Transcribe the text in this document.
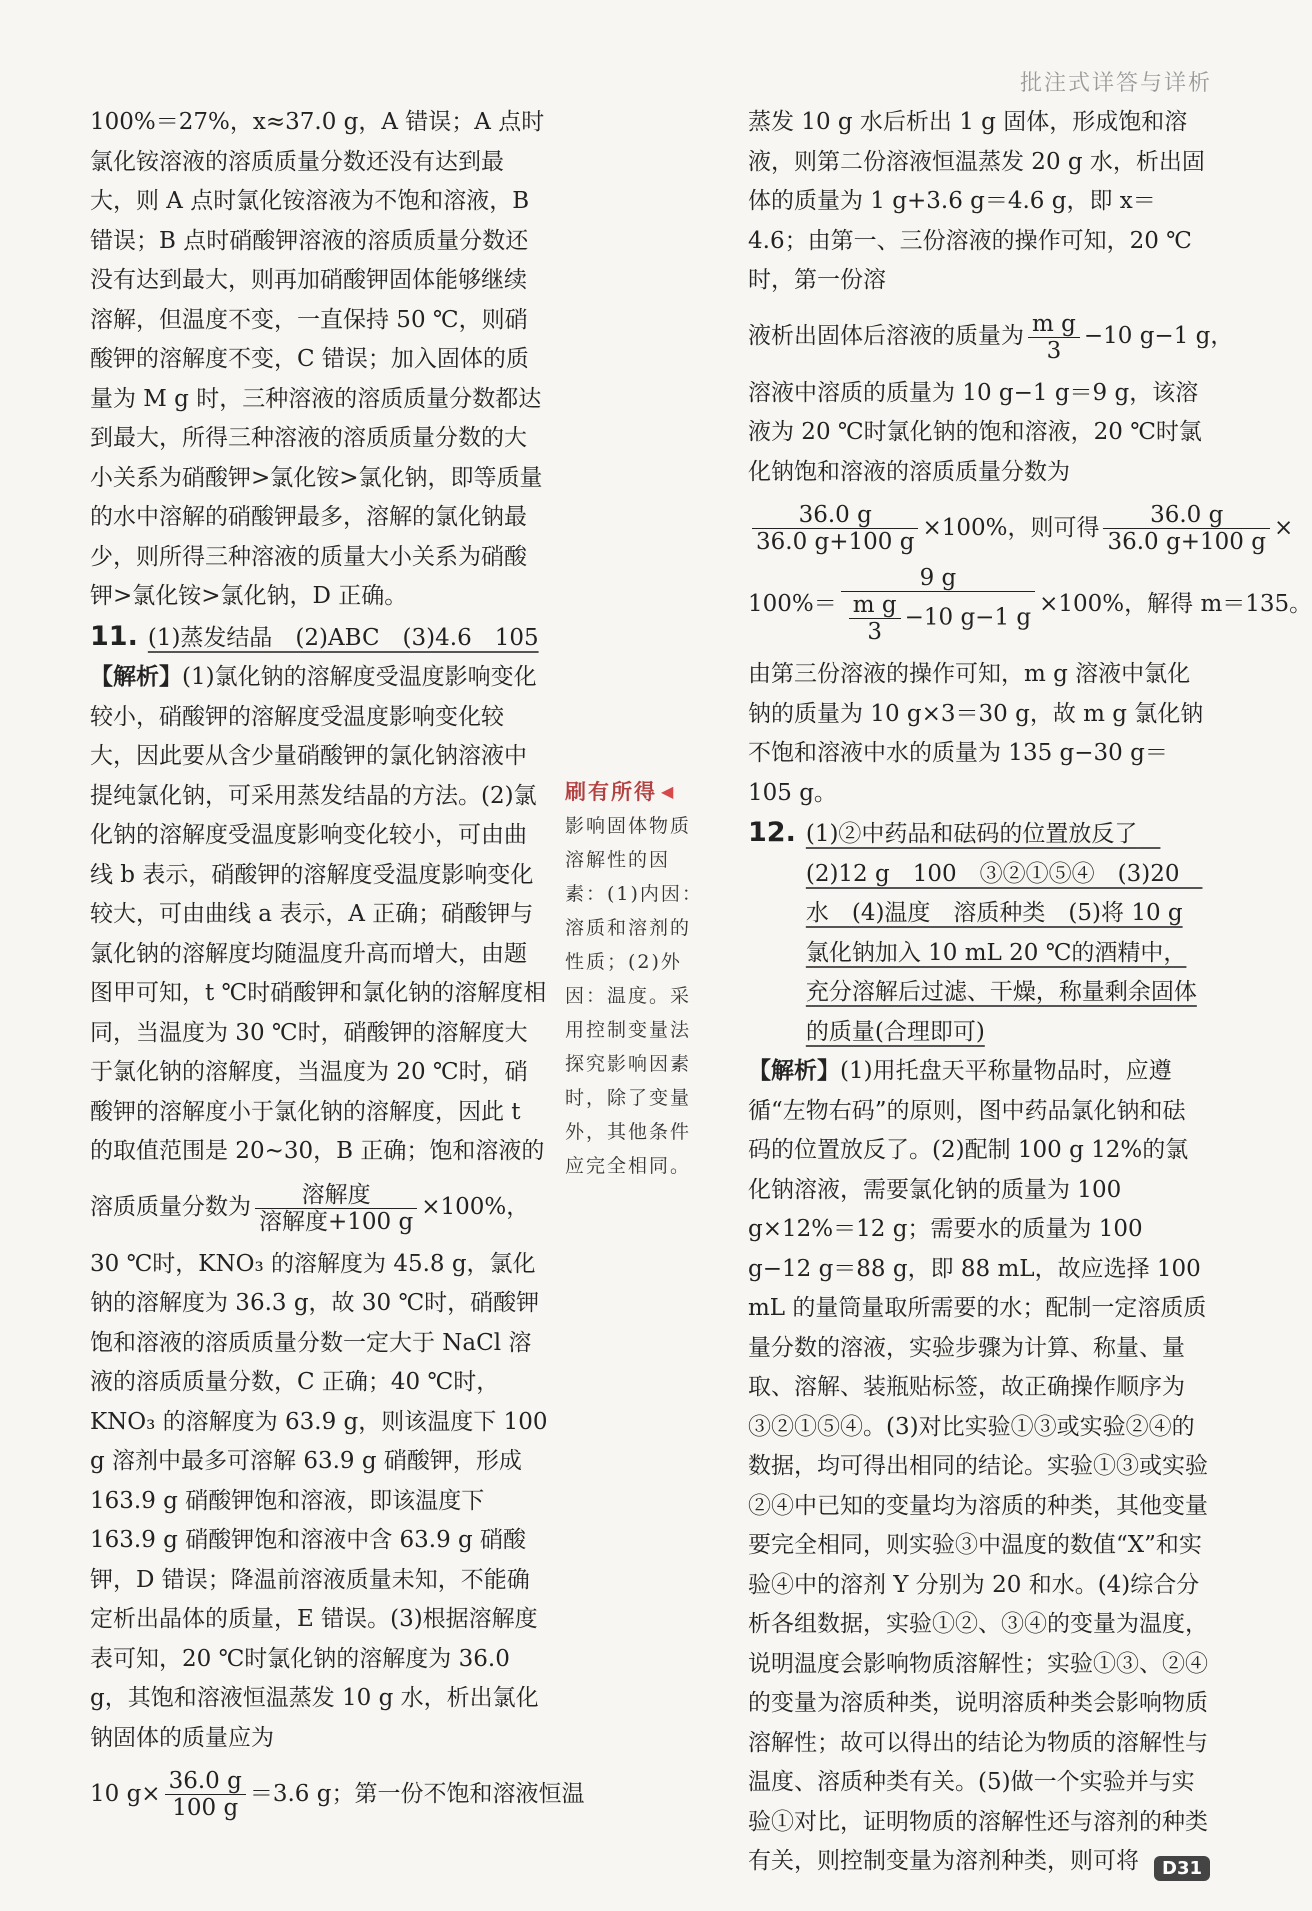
批注式详答与详析

100%＝27%，x≈37.0 g，A 错误；A 点时氯化铵溶液的溶质质量分数还没有达到最大，则 A 点时氯化铵溶液为不饱和溶液，B 错误；B 点时硝酸钾溶液的溶质质量分数还没有达到最大，则再加硝酸钾固体能够继续溶解，但温度不变，一直保持 50 ℃，则硝酸钾的溶解度不变，C 错误；加入固体的质量为 M g 时，三种溶液的溶质质量分数都达到最大，所得三种溶液的溶质质量分数的大小关系为硝酸钾>氯化铵>氯化钠，即等质量的水中溶解的硝酸钾最多，溶解的氯化钠最少，则所得三种溶液的质量大小关系为硝酸钾>氯化铵>氯化钠，D 正确。

11. (1)蒸发结晶　(2)ABC　(3)4.6　105

【解析】(1)氯化钠的溶解度受温度影响变化较小，硝酸钾的溶解度受温度影响变化较大，因此要从含少量硝酸钾的氯化钠溶液中提纯氯化钠，可采用蒸发结晶的方法。(2)氯化钠的溶解度受温度影响变化较小，可由曲线 b 表示，硝酸钾的溶解度受温度影响变化较大，可由曲线 a 表示，A 正确；硝酸钾与氯化钠的溶解度均随温度升高而增大，由题图甲可知，t ℃时硝酸钾和氯化钠的溶解度相同，当温度为 30 ℃时，硝酸钾的溶解度大于氯化钠的溶解度，当温度为 20 ℃时，硝酸钾的溶解度小于氯化钠的溶解度，因此 t 的取值范围是 20~30，B 正确；饱和溶液的

溶质质量分数为 $\frac{\text{溶解度}}{\text{溶解度+100 g}} \times 100\%$，

30 ℃时，KNO₃ 的溶解度为 45.8 g，氯化钠的溶解度为 36.3 g，故 30 ℃时，硝酸钾饱和溶液的溶质质量分数一定大于 NaCl 溶液的溶质质量分数，C 正确；40 ℃时，KNO₃ 的溶解度为 63.9 g，则该温度下 100 g 溶剂中最多可溶解 63.9 g 硝酸钾，形成163.9 g 硝酸钾饱和溶液，即该温度下163.9 g 硝酸钾饱和溶液中含 63.9 g 硝酸钾，D 错误；降温前溶液质量未知，不能确定析出晶体的质量，E 错误。(3)根据溶解度表可知，20 ℃时氯化钠的溶解度为 36.0 g，其饱和溶液恒温蒸发 10 g 水，析出氯化钠固体的质量应为

10 $g\times \frac{36.0 g}{100 g} =3.6$ g；第一份不饱和溶液恒温
刷有所得 ◀
影响固体物质溶解性的因素：(1)内因：溶质和溶剂的性质；(2)外因：温度。采用控制变量法探究影响因素时，除了变量外，其他条件应完全相同。

蒸发 10 g 水后析出 1 g 固体，形成饱和溶液，则第二份溶液恒温蒸发 20 g 水，析出固体的质量为 1 g+3.6 g＝4.6 g，即 x＝4.6；由第一、三份溶液的操作可知，20 ℃时，第一份溶

液析出固体后溶液的质量为 $\frac{\text{m g}}{3} -10$ g−1 g，

溶液中溶质的质量为 10 g−1 g＝9 g，该溶液为 20 ℃时氯化钠的饱和溶液，20 ℃时氯化钠饱和溶液的溶质质量分数为

$\frac{36.0 g}{36.0 g+100 g} \times 100\%$，则可得 $\frac{36.0 g}{36.0 g+100 g}$ ×
$100\%= \frac{9 g}{\frac{\text{m g}}{3} -10 g-1 g} \times 100\%$，解得 m＝135。

由第三份溶液的操作可知，m g 溶液中氯化钠的质量为 10 g×3＝30 g，故 m g 氯化钠不饱和溶液中水的质量为 135 g−30 g＝105 g。

12. (1)②中药品和砝码的位置放反了　(2)12 g　100　③②①⑤④　(3)20　水　(4)温度　溶质种类　(5)将 10 g 氯化钠加入 10 mL 20 ℃的酒精中，充分溶解后过滤、干燥，称量剩余固体的质量(合理即可)

【解析】(1)用托盘天平称量物品时，应遵循“左物右码”的原则，图中药品氯化钠和砝码的位置放反了。(2)配制 100 g 12%的氯化钠溶液，需要氯化钠的质量为 100 g×12%＝12 g；需要水的质量为 100 g−12 g＝88 g，即 88 mL，故应选择 100 mL 的量筒量取所需要的水；配制一定溶质质量分数的溶液，实验步骤为计算、称量、量取、溶解、装瓶贴标签，故正确操作顺序为③②①⑤④。(3)对比实验①③或实验②④的数据，均可得出相同的结论。实验①③或实验②④中已知的变量均为溶质的种类，其他变量要完全相同，则实验③中温度的数值“X”和实验④中的溶剂 Y 分别为 20 和水。(4)综合分析各组数据，实验①②、③④的变量为温度，说明温度会影响物质溶解性；实验①③、②④的变量为溶质种类，说明溶质种类会影响物质溶解性；故可以得出的结论为物质的溶解性与温度、溶质种类有关。(5)做一个实验并与实验①对比，证明物质的溶解性还与溶剂的种类有关，则控制变量为溶剂种类，则可将	D31
